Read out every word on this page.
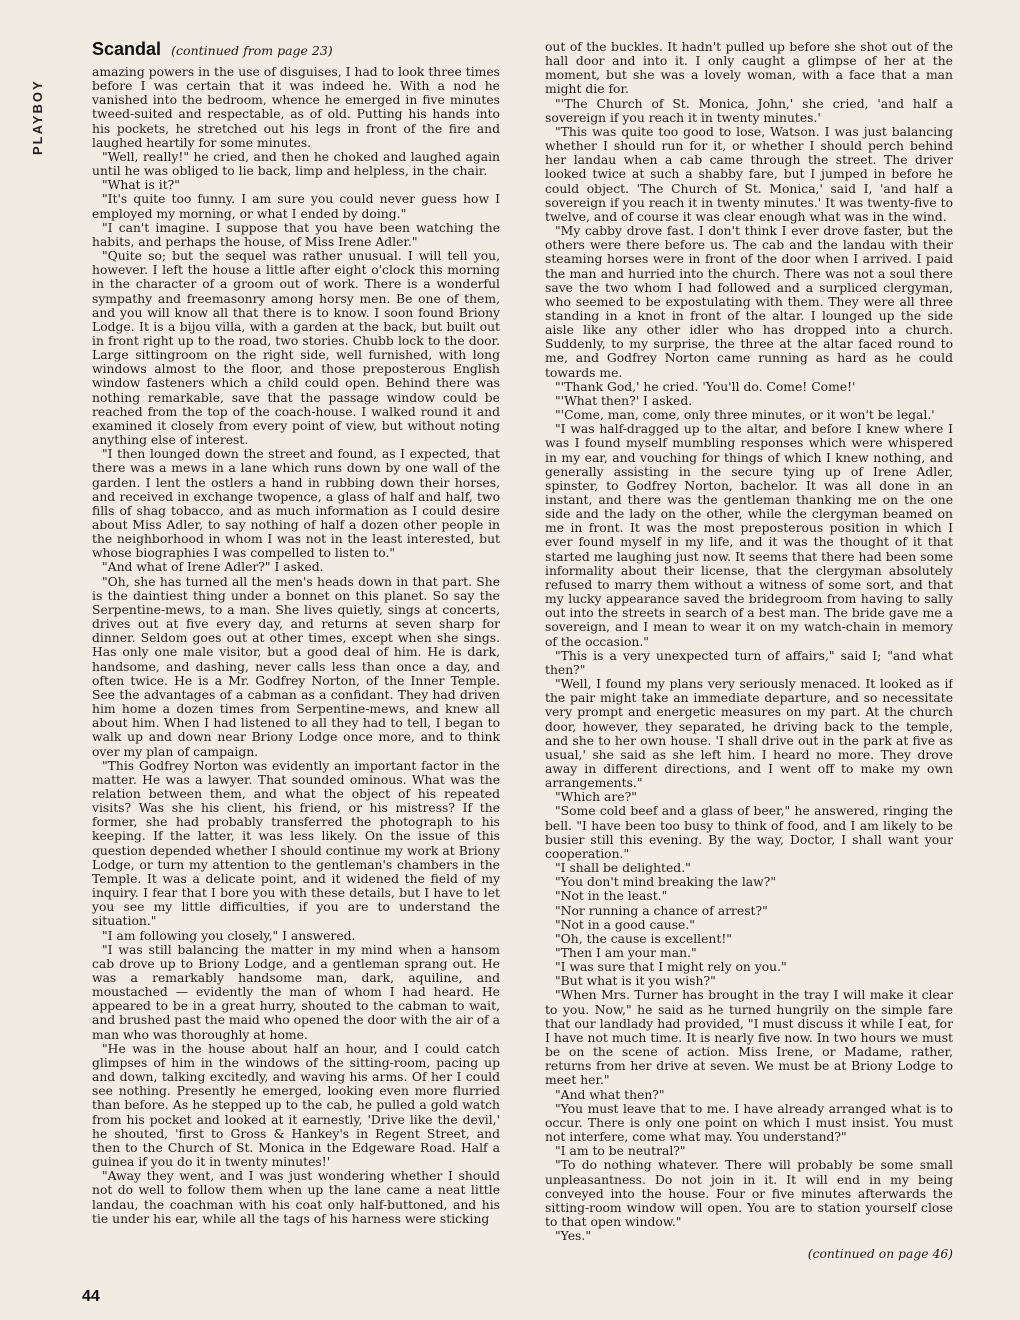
PLAYBOY
Scandal (continued from page 23)

amazing powers in the use of disguises, I had to look three times before I was certain that it was indeed he. With a nod he vanished into the bedroom, whence he emerged in five minutes tweed-suited and respectable, as of old. Putting his hands into his pockets, he stretched out his legs in front of the fire and laughed heartily for some minutes.

"Well, really!" he cried, and then he choked and laughed again until he was obliged to lie back, limp and helpless, in the chair.

"What is it?"

"It's quite too funny. I am sure you could never guess how I employed my morning, or what I ended by doing."

"I can't imagine. I suppose that you have been watching the habits, and perhaps the house, of Miss Irene Adler."

"Quite so; but the sequel was rather unusual. I will tell you, however. I left the house a little after eight o'clock this morning in the character of a groom out of work. There is a wonderful sympathy and freemasonry among horsy men. Be one of them, and you will know all that there is to know. I soon found Briony Lodge. It is a bijou villa, with a garden at the back, but built out in front right up to the road, two stories. Chubb lock to the door. Large sittingroom on the right side, well furnished, with long windows almost to the floor, and those preposterous English window fasteners which a child could open. Behind there was nothing remarkable, save that the passage window could be reached from the top of the coach-house. I walked round it and examined it closely from every point of view, but without noting anything else of interest.

"I then lounged down the street and found, as I expected, that there was a mews in a lane which runs down by one wall of the garden. I lent the ostlers a hand in rubbing down their horses, and received in exchange twopence, a glass of half and half, two fills of shag tobacco, and as much information as I could desire about Miss Adler, to say nothing of half a dozen other people in the neighborhood in whom I was not in the least interested, but whose biographies I was compelled to listen to."

"And what of Irene Adler?" I asked.

"Oh, she has turned all the men's heads down in that part. She is the daintiest thing under a bonnet on this planet. So say the Serpentine-mews, to a man. She lives quietly, sings at concerts, drives out at five every day, and returns at seven sharp for dinner. Seldom goes out at other times, except when she sings. Has only one male visitor, but a good deal of him. He is dark, handsome, and dashing, never calls less than once a day, and often twice. He is a Mr. Godfrey Norton, of the Inner Temple. See the advantages of a cabman as a confidant. They had driven him home a dozen times from Serpentine-mews, and knew all about him. When I had listened to all they had to tell, I began to walk up and down near Briony Lodge once more, and to think over my plan of campaign.

"This Godfrey Norton was evidently an important factor in the matter. He was a lawyer. That sounded ominous. What was the relation between them, and what the object of his repeated visits? Was she his client, his friend, or his mistress? If the former, she had probably transferred the photograph to his keeping. If the latter, it was less likely. On the issue of this question depended whether I should continue my work at Briony Lodge, or turn my attention to the gentleman's chambers in the Temple. It was a delicate point, and it widened the field of my inquiry. I fear that I bore you with these details, but I have to let you see my little difficulties, if you are to understand the situation."

"I am following you closely," I answered.

"I was still balancing the matter in my mind when a hansom cab drove up to Briony Lodge, and a gentleman sprang out. He was a remarkably handsome man, dark, aquiline, and moustached — evidently the man of whom I had heard. He appeared to be in a great hurry, shouted to the cabman to wait, and brushed past the maid who opened the door with the air of a man who was thoroughly at home.

"He was in the house about half an hour, and I could catch glimpses of him in the windows of the sitting-room, pacing up and down, talking excitedly, and waving his arms. Of her I could see nothing. Presently he emerged, looking even more flurried than before. As he stepped up to the cab, he pulled a gold watch from his pocket and looked at it earnestly, 'Drive like the devil,' he shouted, 'first to Gross & Hankey's in Regent Street, and then to the Church of St. Monica in the Edgeware Road. Half a guinea if you do it in twenty minutes!'

"Away they went, and I was just wondering whether I should not do well to follow them when up the lane came a neat little landau, the coachman with his coat only half-buttoned, and his tie under his ear, while all the tags of his harness were sticking

out of the buckles. It hadn't pulled up before she shot out of the hall door and into it. I only caught a glimpse of her at the moment, but she was a lovely woman, with a face that a man might die for.

"'The Church of St. Monica, John,' she cried, 'and half a sovereign if you reach it in twenty minutes.'

"This was quite too good to lose, Watson. I was just balancing whether I should run for it, or whether I should perch behind her landau when a cab came through the street. The driver looked twice at such a shabby fare, but I jumped in before he could object. 'The Church of St. Monica,' said I, 'and half a sovereign if you reach it in twenty minutes.' It was twenty-five to twelve, and of course it was clear enough what was in the wind.

"My cabby drove fast. I don't think I ever drove faster, but the others were there before us. The cab and the landau with their steaming horses were in front of the door when I arrived. I paid the man and hurried into the church. There was not a soul there save the two whom I had followed and a surpliced clergyman, who seemed to be expostulating with them. They were all three standing in a knot in front of the altar. I lounged up the side aisle like any other idler who has dropped into a church. Suddenly, to my surprise, the three at the altar faced round to me, and Godfrey Norton came running as hard as he could towards me.

"'Thank God,' he cried. 'You'll do. Come! Come!'

"'What then?' I asked.

"'Come, man, come, only three minutes, or it won't be legal.'

"I was half-dragged up to the altar, and before I knew where I was I found myself mumbling responses which were whispered in my ear, and vouching for things of which I knew nothing, and generally assisting in the secure tying up of Irene Adler, spinster, to Godfrey Norton, bachelor. It was all done in an instant, and there was the gentleman thanking me on the one side and the lady on the other, while the clergyman beamed on me in front. It was the most preposterous position in which I ever found myself in my life, and it was the thought of it that started me laughing just now. It seems that there had been some informality about their license, that the clergyman absolutely refused to marry them without a witness of some sort, and that my lucky appearance saved the bridegroom from having to sally out into the streets in search of a best man. The bride gave me a sovereign, and I mean to wear it on my watch-chain in memory of the occasion."

"This is a very unexpected turn of affairs," said I; "and what then?"

"Well, I found my plans very seriously menaced. It looked as if the pair might take an immediate departure, and so necessitate very prompt and energetic measures on my part. At the church door, however, they separated, he driving back to the temple, and she to her own house. 'I shall drive out in the park at five as usual,' she said as she left him. I heard no more. They drove away in different directions, and I went off to make my own arrangements."

"Which are?"

"Some cold beef and a glass of beer," he answered, ringing the bell. "I have been too busy to think of food, and I am likely to be busier still this evening. By the way, Doctor, I shall want your cooperation."

"I shall be delighted."

"You don't mind breaking the law?"

"Not in the least."

"Nor running a chance of arrest?"

"Not in a good cause."

"Oh, the cause is excellent!"

"Then I am your man."

"I was sure that I might rely on you."

"But what is it you wish?"

"When Mrs. Turner has brought in the tray I will make it clear to you. Now," he said as he turned hungrily on the simple fare that our landlady had provided, "I must discuss it while I eat, for I have not much time. It is nearly five now. In two hours we must be on the scene of action. Miss Irene, or Madame, rather, returns from her drive at seven. We must be at Briony Lodge to meet her."

"And what then?"

"You must leave that to me. I have already arranged what is to occur. There is only one point on which I must insist. You must not interfere, come what may. You understand?"

"I am to be neutral?"

"To do nothing whatever. There will probably be some small unpleasantness. Do not join in it. It will end in my being conveyed into the house. Four or five minutes afterwards the sitting-room window will open. You are to station yourself close to that open window."

"Yes."

(continued on page 46)

44
